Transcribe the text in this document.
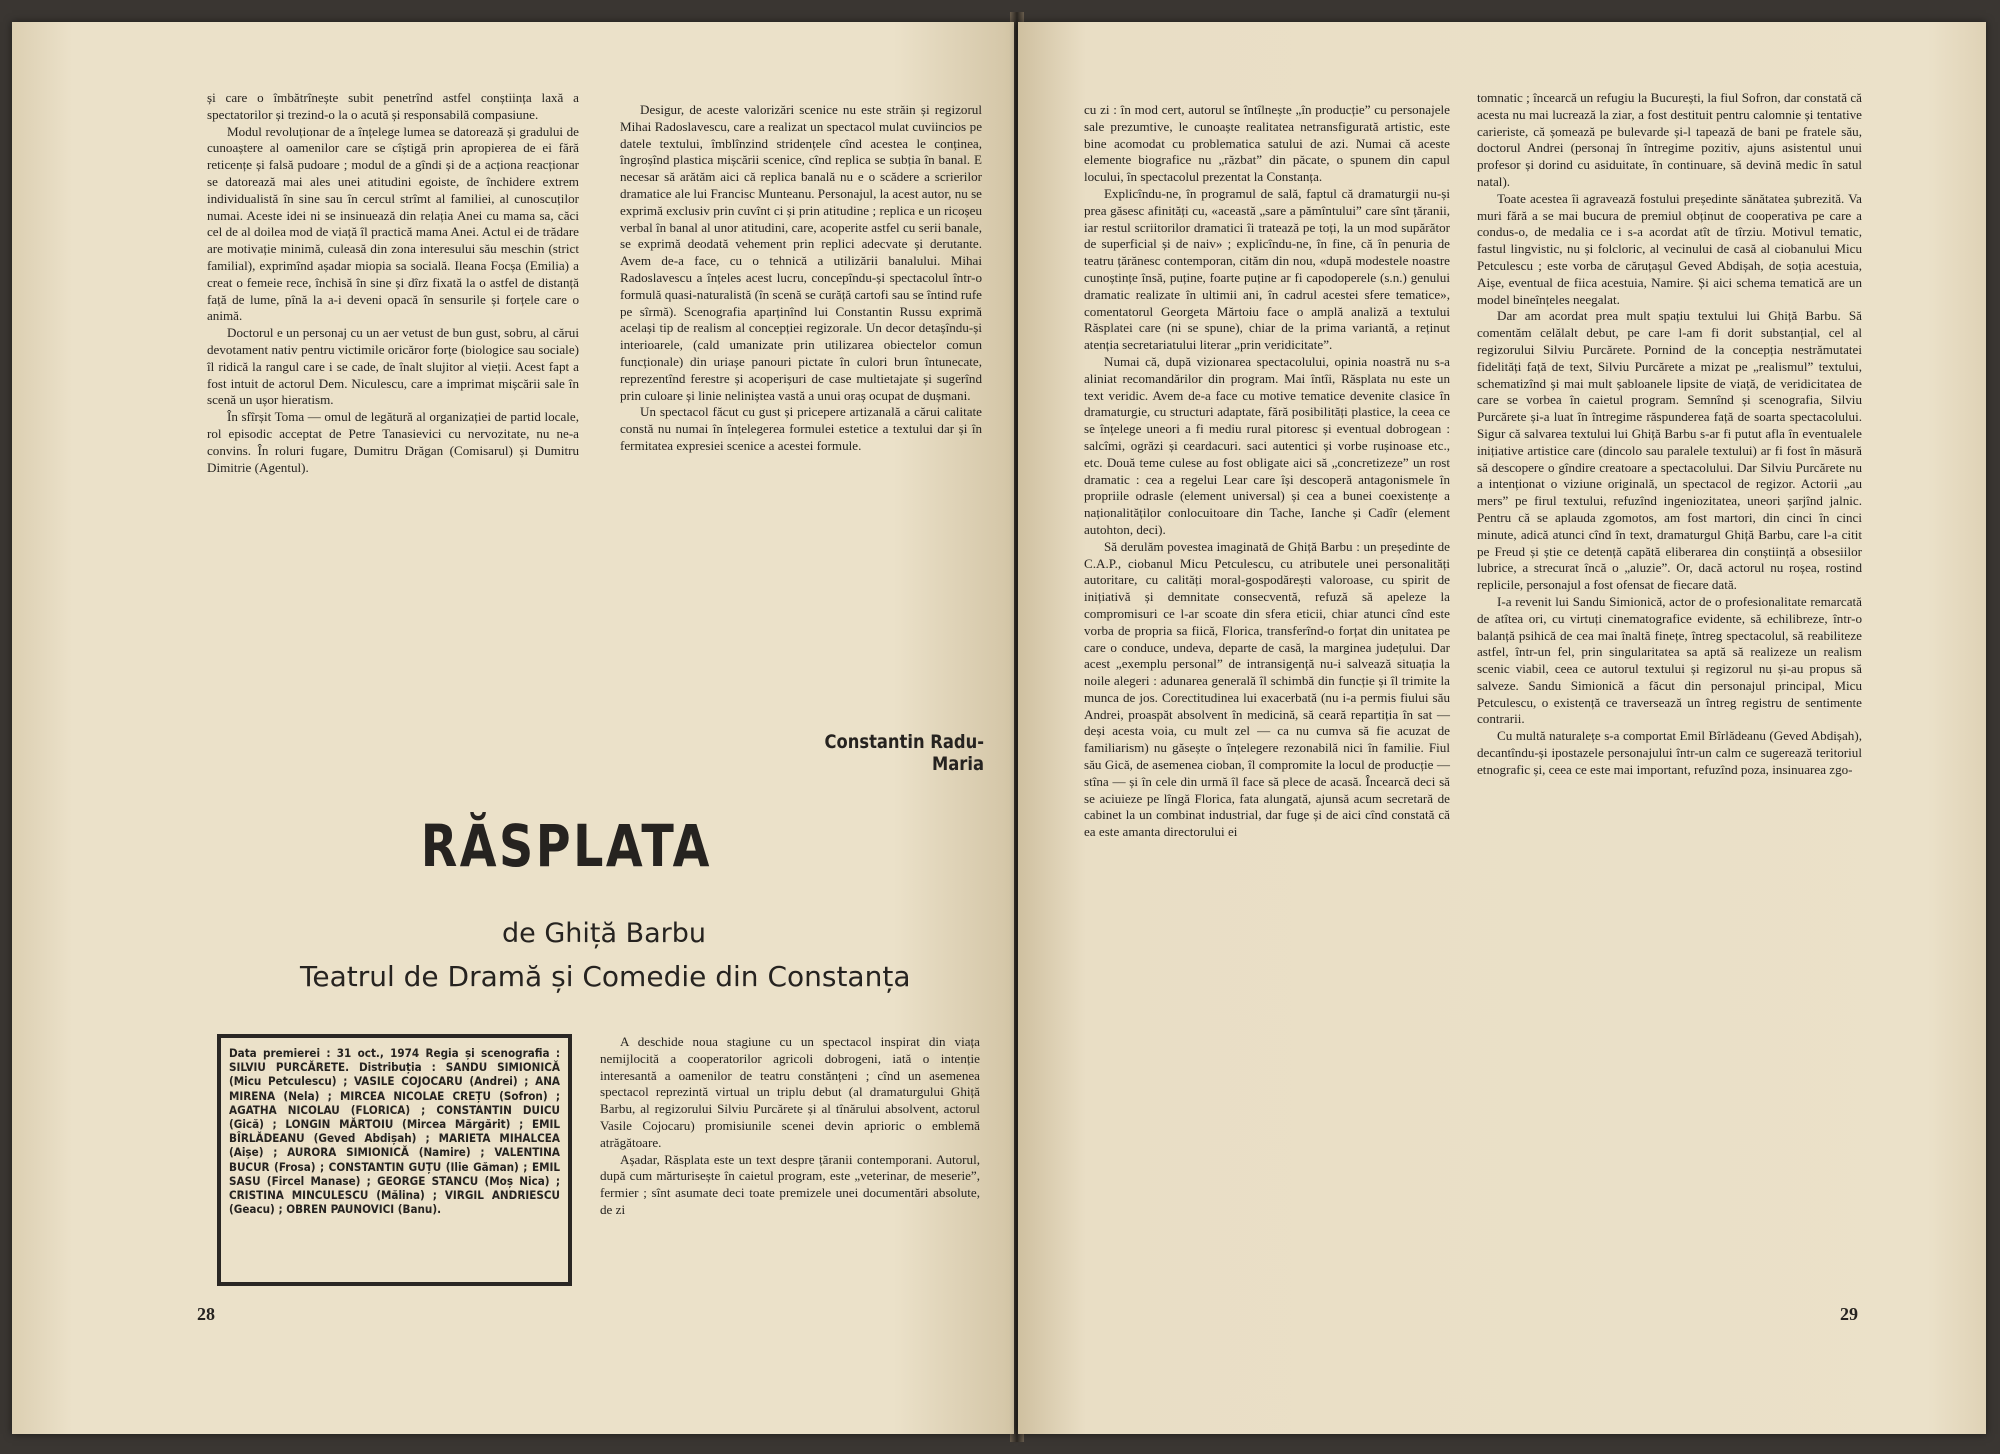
și care o îmbătrînește subit penetrînd astfel conștiința laxă a spectatorilor și trezind-o la o acută și responsabilă compasiune.

Modul revoluționar de a înțelege lumea se datorează și gradului de cunoaștere al oamenilor care se cîștigă prin apropierea de ei fără reticențe și falsă pudoare ; modul de a gîndi și de a acționa reacționar se datorează mai ales unei atitudini egoiste, de închidere extrem individualistă în sine sau în cercul strîmt al familiei, al cunoscuților numai. Aceste idei ni se insinuează din relația Anei cu mama sa, căci cel de al doilea mod de viață îl practică mama Anei. Actul ei de trădare are motivație minimă, culeasă din zona interesului său meschin (strict familial), exprimînd așadar miopia sa socială. Ileana Focșa (Emilia) a creat o femeie rece, închisă în sine și dîrz fixată la o astfel de distanță față de lume, pînă la a-i deveni opacă în sensurile și forțele care o animă.

Doctorul e un personaj cu un aer vetust de bun gust, sobru, al cărui devotament nativ pentru victimile oricăror forțe (biologice sau sociale) îl ridică la rangul care i se cade, de înalt slujitor al vieții. Acest fapt a fost intuit de actorul Dem. Niculescu, care a imprimat mișcării sale în scenă un ușor hieratism.

În sfîrșit Toma — omul de legătură al organizației de partid locale, rol episodic acceptat de Petre Tanasievici cu nervozitate, nu ne-a convins. În roluri fugare, Dumitru Drăgan (Comisarul) și Dumitru Dimitrie (Agentul).

Desigur, de aceste valorizări scenice nu este străin și regizorul Mihai Radoslavescu, care a realizat un spectacol mulat cuviincios pe datele textului, îmblînzind stridențele cînd acestea le conținea, îngroșînd plastica mișcării scenice, cînd replica se subția în banal. E necesar să arătăm aici că replica banală nu e o scădere a scrierilor dramatice ale lui Francisc Munteanu. Personajul, la acest autor, nu se exprimă exclusiv prin cuvînt ci și prin atitudine ; replica e un ricoșeu verbal în banal al unor atitudini, care, acoperite astfel cu serii banale, se exprimă deodată vehement prin replici adecvate și derutante. Avem de-a face, cu o tehnică a utilizării banalului. Mihai Radoslavescu a înțeles acest lucru, concepîndu-și spectacolul într-o formulă quasi-naturalistă (în scenă se curăță cartofi sau se întind rufe pe sîrmă). Scenografia aparținînd lui Constantin Russu exprimă același tip de realism al concepției regizorale. Un decor detașîndu-și interioarele, (cald umanizate prin utilizarea obiectelor comun funcționale) din uriașe panouri pictate în culori brun întunecate, reprezentînd ferestre și acoperișuri de case multietajate și sugerînd prin culoare și linie neliniștea vastă a unui oraș ocupat de dușmani.

Un spectacol făcut cu gust și pricepere artizanală a cărui calitate constă nu numai în înțelegerea formulei estetice a textului dar și în fermitatea expresiei scenice a acestei formule.

Constantin Radu-Maria
RĂSPLATA
de Ghiță Barbu
Teatrul de Dramă și Comedie din Constanța
Data premierei : 31 oct., 1974 Regia și scenografia : SILVIU PURCĂRETE. Distribuția : SANDU SIMIONICĂ (Micu Petculescu) ; VASILE COJOCARU (Andrei) ; ANA MIRENA (Nela) ; MIRCEA NICOLAE CREȚU (Sofron) ; AGATHA NICOLAU (FLORICA) ; CONSTANTIN DUICU (Gică) ; LONGIN MĂRTOIU (Mircea Mărgărit) ; EMIL BÎRLĂDEANU (Geved Abdișah) ; MARIETA MIHALCEA (Aișe) ; AURORA SIMIONICĂ (Namire) ; VALENTINA BUCUR (Frosa) ; CONSTANTIN GUȚU (Ilie Găman) ; EMIL SASU (Fircel Manase) ; GEORGE STANCU (Moș Nica) ; CRISTINA MINCULESCU (Mălina) ; VIRGIL ANDRIESCU (Geacu) ; OBREN PAUNOVICI (Banu).

A deschide noua stagiune cu un spectacol inspirat din viața nemijlocită a cooperatorilor agricoli dobrogeni, iată o intenție interesantă a oamenilor de teatru constănțeni ; cînd un asemenea spectacol reprezintă virtual un triplu debut (al dramaturgului Ghiță Barbu, al regizorului Silviu Purcărete și al tînărului absolvent, actorul Vasile Cojocaru) promisiunile scenei devin aprioric o emblemă atrăgătoare.

Așadar, Răsplata este un text despre țăranii contemporani. Autorul, după cum mărturisește în caietul program, este „veterinar, de meserie”, fermier ; sînt asumate deci toate premizele unei documentări absolute, de zi

28

cu zi : în mod cert, autorul se întîlnește „în producție” cu personajele sale prezumtive, le cunoaște realitatea netransfigurată artistic, este bine acomodat cu problematica satului de azi. Numai că aceste elemente biografice nu „răzbat” din păcate, o spunem din capul locului, în spectacolul prezentat la Constanța.

Explicîndu-ne, în programul de sală, faptul că dramaturgii nu-și prea găsesc afinități cu, «această „sare a pămîntului” care sînt țăranii, iar restul scriitorilor dramatici îi tratează pe toți, la un mod supărător de superficial și de naiv» ; explicîndu-ne, în fine, că în penuria de teatru țărănesc contemporan, cităm din nou, «după modestele noastre cunoștințe însă, puține, foarte puține ar fi capodoperele (s.n.) genului dramatic realizate în ultimii ani, în cadrul acestei sfere tematice», comentatorul Georgeta Mărtoiu face o amplă analiză a textului Răsplatei care (ni se spune), chiar de la prima variantă, a reținut atenția secretariatului literar „prin veridicitate”.

Numai că, după vizionarea spectacolului, opinia noastră nu s-a aliniat recomandărilor din program. Mai întîi, Răsplata nu este un text veridic. Avem de-a face cu motive tematice devenite clasice în dramaturgie, cu structuri adaptate, fără posibilități plastice, la ceea ce se înțelege uneori a fi mediu rural pitoresc și eventual dobrogean : salcîmi, ogrăzi și ceardacuri. saci autentici și vorbe rușinoase etc., etc. Două teme culese au fost obligate aici să „concretizeze” un rost dramatic : cea a regelui Lear care își descoperă antagonismele în propriile odrasle (element universal) și cea a bunei coexistențe a naționalităților conlocuitoare din Tache, Ianche și Cadîr (element autohton, deci).

Să derulăm povestea imaginată de Ghiță Barbu : un președinte de C.A.P., ciobanul Micu Petculescu, cu atributele unei personalități autoritare, cu calități moral-gospodărești valoroase, cu spirit de inițiativă și demnitate consecventă, refuză să apeleze la compromisuri ce l-ar scoate din sfera eticii, chiar atunci cînd este vorba de propria sa fiică, Florica, transferînd-o forțat din unitatea pe care o conduce, undeva, departe de casă, la marginea județului. Dar acest „exemplu personal” de intransigență nu-i salvează situația la noile alegeri : adunarea generală îl schimbă din funcție și îl trimite la munca de jos. Corectitudinea lui exacerbată (nu i-a permis fiului său Andrei, proaspăt absolvent în medicină, să ceară repartiția în sat — deși acesta voia, cu mult zel — ca nu cumva să fie acuzat de familiarism) nu găsește o înțelegere rezonabilă nici în familie. Fiul său Gică, de asemenea cioban, îl compromite la locul de producție — stîna — și în cele din urmă îl face să plece de acasă. Încearcă deci să se aciuieze pe lîngă Florica, fata alungată, ajunsă acum secretară de cabinet la un combinat industrial, dar fuge și de aici cînd constată că ea este amanta directorului ei

tomnatic ; încearcă un refugiu la București, la fiul Sofron, dar constată că acesta nu mai lucrează la ziar, a fost destituit pentru calomnie și tentative carieriste, că șomează pe bulevarde și-l tapează de bani pe fratele său, doctorul Andrei (personaj în întregime pozitiv, ajuns asistentul unui profesor și dorind cu asiduitate, în continuare, să devină medic în satul natal).

Toate acestea îi agravează fostului președinte sănătatea șubrezită. Va muri fără a se mai bucura de premiul obținut de cooperativa pe care a condus-o, de medalia ce i s-a acordat atît de tîrziu. Motivul tematic, fastul lingvistic, nu și folcloric, al vecinului de casă al ciobanului Micu Petculescu ; este vorba de căruțașul Geved Abdișah, de soția acestuia, Aișe, eventual de fiica acestuia, Namire. Și aici schema tematică are un model bineînțeles neegalat.

Dar am acordat prea mult spațiu textului lui Ghiță Barbu. Să comentăm celălalt debut, pe care l-am fi dorit substanțial, cel al regizorului Silviu Purcărete. Pornind de la concepția nestrămutatei fidelități față de text, Silviu Purcărete a mizat pe „realismul” textului, schematizînd și mai mult șabloanele lipsite de viață, de veridicitatea de care se vorbea în caietul program. Semnînd și scenografia, Silviu Purcărete și-a luat în întregime răspunderea față de soarta spectacolului. Sigur că salvarea textului lui Ghiță Barbu s-ar fi putut afla în eventualele inițiative artistice care (dincolo sau paralele textului) ar fi fost în măsură să descopere o gîndire creatoare a spectacolului. Dar Silviu Purcărete nu a intenționat o viziune originală, un spectacol de regizor. Actorii „au mers” pe firul textului, refuzînd ingeniozitatea, uneori șarjînd jalnic. Pentru că se aplauda zgomotos, am fost martori, din cinci în cinci minute, adică atunci cînd în text, dramaturgul Ghiță Barbu, care l-a citit pe Freud și știe ce detență capătă eliberarea din conștiință a obsesiilor lubrice, a strecurat încă o „aluzie”. Or, dacă actorul nu roșea, rostind replicile, personajul a fost ofensat de fiecare dată.

I-a revenit lui Sandu Simionică, actor de o profesionalitate remarcată de atîtea ori, cu virtuți cinematografice evidente, să echilibreze, într-o balanță psihică de cea mai înaltă finețe, întreg spectacolul, să reabiliteze astfel, într-un fel, prin singularitatea sa aptă să realizeze un realism scenic viabil, ceea ce autorul textului și regizorul nu și-au propus să salveze. Sandu Simionică a făcut din personajul principal, Micu Petculescu, o existență ce traversează un întreg registru de sentimente contrarii.

Cu multă naturalețe s-a comportat Emil Bîrlădeanu (Geved Abdișah), decantîndu-și ipostazele personajului într-un calm ce sugerează teritoriul etnografic și, ceea ce este mai important, refuzînd poza, insinuarea zgo-

29
